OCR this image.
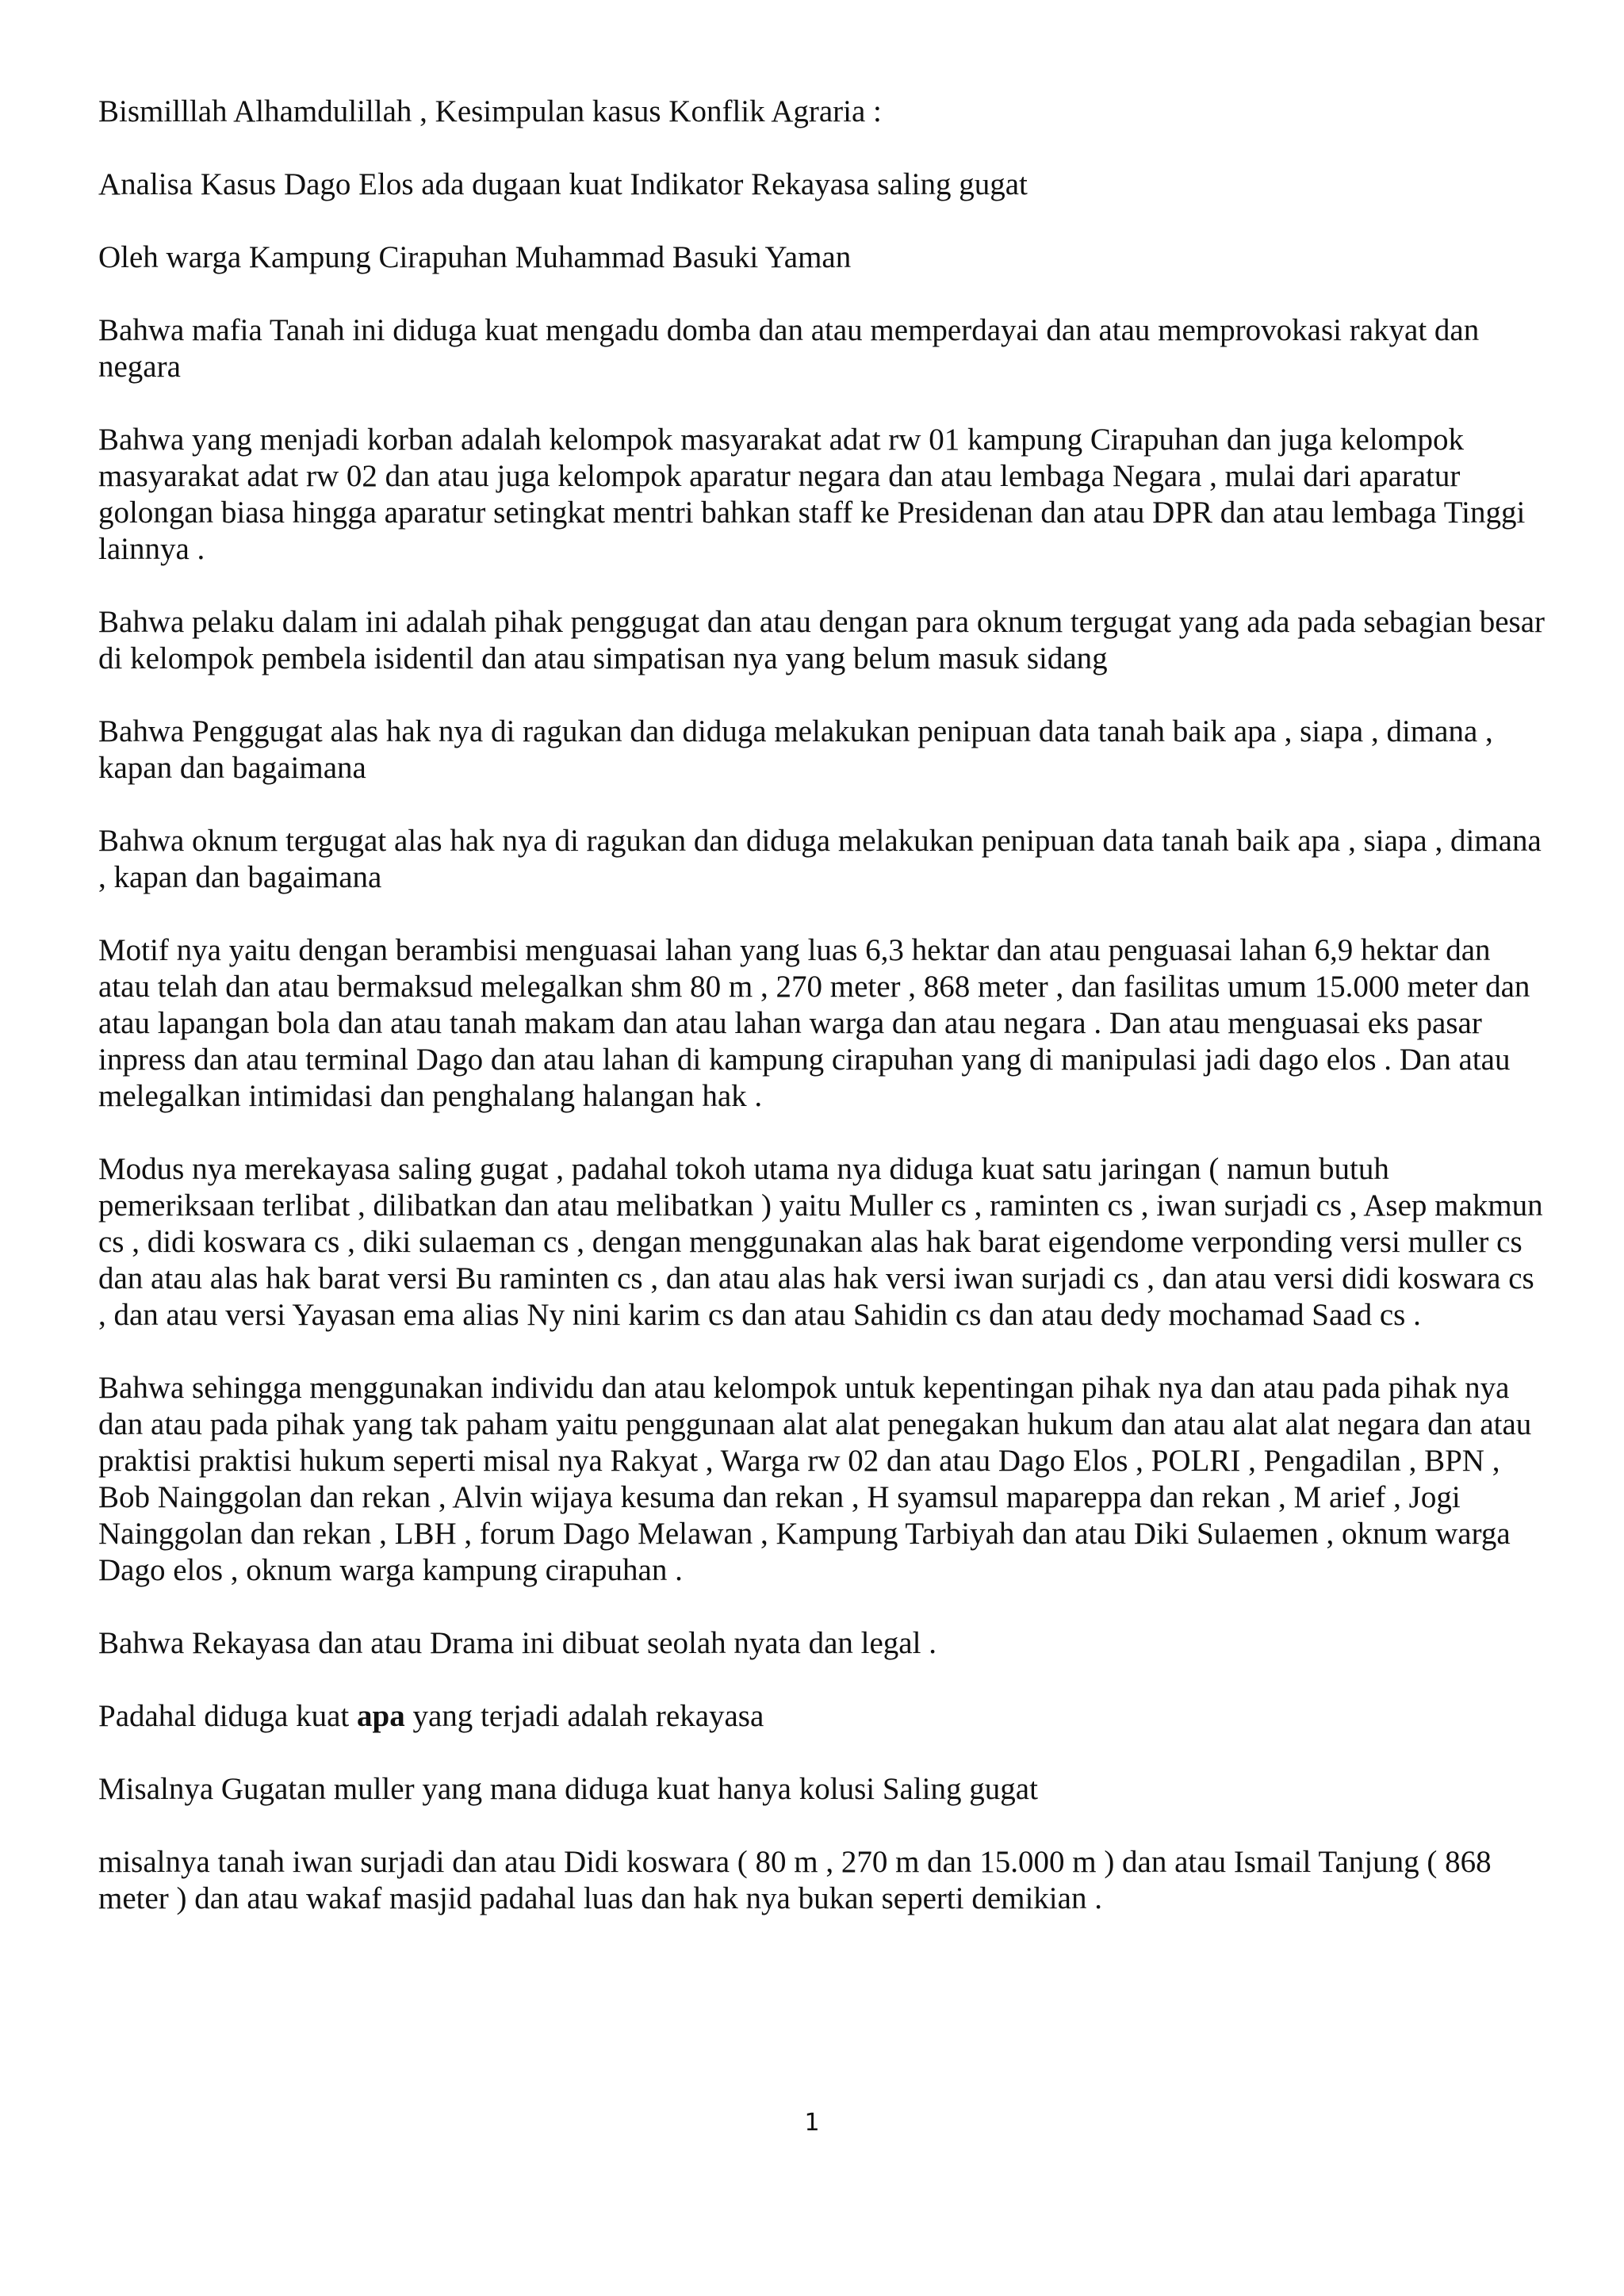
Bismilllah Alhamdulillah , Kesimpulan kasus Konflik Agraria :

Analisa Kasus Dago Elos ada dugaan kuat Indikator Rekayasa saling gugat

Oleh warga Kampung Cirapuhan Muhammad Basuki Yaman

Bahwa mafia Tanah ini diduga kuat mengadu domba dan atau memperdayai dan atau memprovokasi rakyat dan negara

Bahwa yang menjadi korban adalah kelompok masyarakat adat rw 01 kampung Cirapuhan dan juga kelompok masyarakat adat rw 02 dan atau juga kelompok aparatur negara dan atau lembaga Negara , mulai dari aparatur golongan biasa hingga aparatur setingkat mentri bahkan staff ke Presidenan dan atau DPR dan atau lembaga Tinggi lainnya .

Bahwa pelaku dalam ini adalah pihak penggugat dan atau dengan para oknum tergugat yang ada pada sebagian besar di kelompok pembela isidentil dan atau simpatisan nya yang belum masuk sidang

Bahwa Penggugat alas hak nya di ragukan dan diduga melakukan penipuan data tanah baik apa , siapa , dimana , kapan dan bagaimana

Bahwa oknum tergugat alas hak nya di ragukan dan diduga melakukan penipuan data tanah baik apa , siapa , dimana , kapan dan bagaimana

Motif nya yaitu dengan berambisi menguasai lahan yang luas 6,3 hektar dan atau penguasai lahan 6,9 hektar dan atau telah dan atau bermaksud melegalkan shm 80 m , 270 meter , 868 meter , dan fasilitas umum 15.000 meter dan atau lapangan bola dan atau tanah makam dan atau lahan warga dan atau negara . Dan atau menguasai eks pasar inpress dan atau terminal Dago dan atau lahan di kampung cirapuhan yang di manipulasi jadi dago elos . Dan atau melegalkan intimidasi dan penghalang halangan hak .

Modus nya merekayasa saling gugat , padahal tokoh utama nya diduga kuat satu jaringan ( namun butuh pemeriksaan terlibat , dilibatkan dan atau melibatkan ) yaitu Muller cs , raminten cs , iwan surjadi cs , Asep makmun cs , didi koswara cs , diki sulaeman cs , dengan menggunakan alas hak barat eigendome verponding versi muller cs dan atau alas hak barat versi Bu raminten cs , dan atau alas hak versi iwan surjadi cs , dan atau versi didi koswara cs , dan atau versi Yayasan ema alias Ny nini karim cs dan atau Sahidin cs dan atau dedy mochamad Saad cs .

Bahwa sehingga menggunakan individu dan atau kelompok untuk kepentingan pihak nya dan atau pada pihak nya dan atau pada pihak yang tak paham yaitu penggunaan alat alat penegakan hukum dan atau alat alat negara dan atau praktisi praktisi hukum seperti misal nya Rakyat , Warga rw 02 dan atau Dago Elos , POLRI , Pengadilan , BPN , Bob Nainggolan dan rekan , Alvin wijaya kesuma dan rekan , H syamsul mapareppa dan rekan , M arief , Jogi Nainggolan dan rekan , LBH , forum Dago Melawan , Kampung Tarbiyah dan atau Diki Sulaemen , oknum warga Dago elos , oknum warga kampung cirapuhan .

Bahwa Rekayasa dan atau Drama ini dibuat seolah nyata dan legal .

Padahal diduga kuat apa yang terjadi adalah rekayasa

Misalnya Gugatan muller yang mana diduga kuat hanya kolusi Saling gugat

misalnya tanah iwan surjadi dan atau Didi koswara ( 80 m , 270 m dan 15.000 m ) dan atau Ismail Tanjung ( 868 meter ) dan atau wakaf masjid padahal luas dan hak nya bukan seperti demikian .

1
